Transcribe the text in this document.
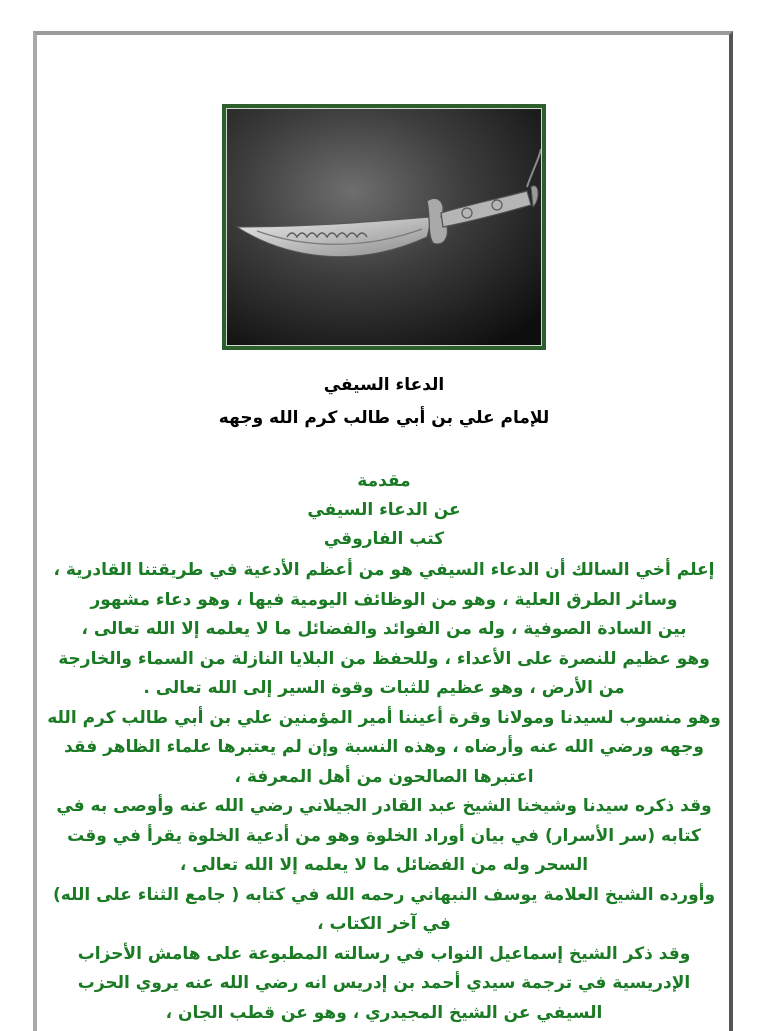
الدعاء السيفي
للإمام علي بن أبي طالب كرم الله وجهه
مقدمة
عن الدعاء السيفي
كتب الفاروقي
إعلم أخي السالك أن الدعاء السيفي هو من أعظم الأدعية في طريقتنا القادرية ،
وسائر الطرق العلية ، وهو من الوظائف اليومية فيها ، وهو دعاء مشهور
بين السادة الصوفية ، وله من الفوائد والفضائل ما لا يعلمه إلا الله تعالى ،
وهو عظيم للنصرة على الأعداء ، وللحفظ من البلايا النازلة من السماء والخارجة
من الأرض ، وهو عظيم للثبات وقوة السير إلى الله تعالى .
وهو منسوب لسيدنا ومولانا وقرة أعيننا أمير المؤمنين علي بن أبي طالب كرم الله
وجهه ورضي الله عنه وأرضاه ، وهذه النسبة وإن لم يعتبرها علماء الظاهر فقد
اعتبرها الصالحون من أهل المعرفة ،
وقد ذكره سيدنا وشيخنا الشيخ عبد القادر الجيلاني رضي الله عنه وأوصى به في
كتابه (سر الأسرار) في بيان أوراد الخلوة وهو من أدعية الخلوة يقرأ في وقت
السحر وله من الفضائل ما لا يعلمه إلا الله تعالى ،
وأورده الشيخ العلامة يوسف النبهاني رحمه الله في كتابه ( جامع الثناء على الله)
في آخر الكتاب ،
وقد ذكر الشيخ إسماعيل النواب في رسالته المطبوعة على هامش الأحزاب
الإدريسية في ترجمة سيدي أحمد بن إدريس انه رضي الله عنه يروي الحزب
السيفي عن الشيخ المجيدري ، وهو عن قطب الجان ،
